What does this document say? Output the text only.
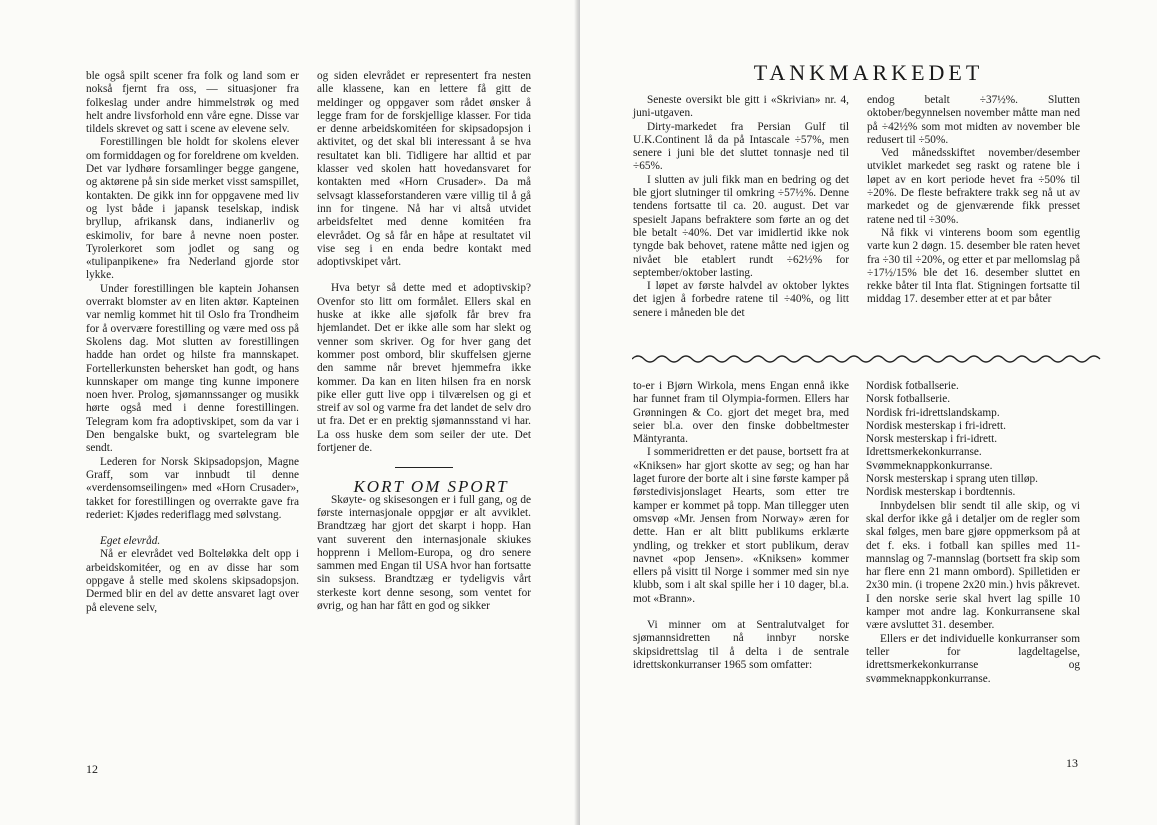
ble også spilt scener fra folk og land som er nokså fjernt fra oss, — situasjoner fra folkeslag under andre himmelstrøk og med helt andre livsforhold enn våre egne. Disse var tildels skrevet og satt i scene av elevene selv.

Forestillingen ble holdt for skolens elever om formiddagen og for foreldrene om kvelden. Det var lydhøre forsamlinger begge gangene, og aktørene på sin side merket visst samspillet, kontakten. De gikk inn for oppgavene med liv og lyst både i japansk teselskap, indisk bryllup, afrikansk dans, indianerliv og eskimoliv, for bare å nevne noen poster. Tyrolerkoret som jodlet og sang og «tulipanpikene» fra Nederland gjorde stor lykke.

Under forestillingen ble kaptein Johansen overrakt blomster av en liten aktør. Kapteinen var nemlig kommet hit til Oslo fra Trondheim for å overvære forestilling og være med oss på Skolens dag. Mot slutten av forestillingen hadde han ordet og hilste fra mannskapet. Fortellerkunsten behersket han godt, og hans kunnskaper om mange ting kunne imponere noen hver. Prolog, sjømannssanger og musikk hørte også med i denne forestillingen. Telegram kom fra adoptivskipet, som da var i Den bengalske bukt, og svartelegram ble sendt.

Lederen for Norsk Skipsadopsjon, Magne Graff, som var innbudt til denne «verdensomseilingen» med «Horn Crusader», takket for forestillingen og overrakte gave fra rederiet: Kjødes rederiflagg med sølvstang.

Eget elevråd.

Nå er elevrådet ved Bolteløkka delt opp i arbeidskomitéer, og en av disse har som oppgave å stelle med skolens skipsadopsjon. Dermed blir en del av dette ansvaret lagt over på elevene selv,

og siden elevrådet er representert fra nesten alle klassene, kan en lettere få gitt de meldinger og oppgaver som rådet ønsker å legge fram for de forskjellige klasser. For tida er denne arbeidskomitéen for skipsadopsjon i aktivitet, og det skal bli interessant å se hva resultatet kan bli. Tidligere har alltid et par klasser ved skolen hatt hovedansvaret for kontakten med «Horn Crusader». Da må selvsagt klasseforstanderen være villig til å gå inn for tingene. Nå har vi altså utvidet arbeidsfeltet med denne komitéen fra elevrådet. Og så får en håpe at resultatet vil vise seg i en enda bedre kontakt med adoptivskipet vårt.

Hva betyr så dette med et adoptivskip? Ovenfor sto litt om formålet. Ellers skal en huske at ikke alle sjøfolk får brev fra hjemlandet. Det er ikke alle som har slekt og venner som skriver. Og for hver gang det kommer post ombord, blir skuffelsen gjerne den samme når brevet hjemmefra ikke kommer. Da kan en liten hilsen fra en norsk pike eller gutt live opp i tilværelsen og gi et streif av sol og varme fra det landet de selv dro ut fra. Det er en prektig sjømannsstand vi har. La oss huske dem som seiler der ute. Det fortjener de.

KORT OM SPORT

Skøyte- og skisesongen er i full gang, og de første internasjonale oppgjør er alt avviklet. Brandtzæg har gjort det skarpt i hopp. Han vant suverent den internasjonale skiukes hopprenn i Mellom-Europa, og dro senere sammen med Engan til USA hvor han fortsatte sin suksess. Brandtzæg er tydeligvis vårt sterkeste kort denne sesong, som ventet for øvrig, og han har fått en god og sikker

12
TANKMARKEDET

Seneste oversikt ble gitt i «Skrivian» nr. 4, juni-utgaven.

Dirty-markedet fra Persian Gulf til U.K.Continent lå da på Intascale ÷57%, men senere i juni ble det sluttet tonnasje ned til ÷65%.

I slutten av juli fikk man en bedring og det ble gjort slutninger til omkring ÷57½%. Denne tendens fortsatte til ca. 20. august. Det var spesielt Japans befraktere som førte an og det ble betalt ÷40%. Det var imidlertid ikke nok tyngde bak behovet, ratene måtte ned igjen og nivået ble etablert rundt ÷62½% for september/oktober lasting.

I løpet av første halvdel av oktober lyktes det igjen å forbedre ratene til ÷40%, og litt senere i måneden ble det

endog betalt ÷37½%. Slutten oktober/begynnelsen november måtte man ned på ÷42½% som mot midten av november ble redusert til ÷50%.

Ved månedsskiftet november/desember utviklet markedet seg raskt og ratene ble i løpet av en kort periode hevet fra ÷50% til ÷20%. De fleste befraktere trakk seg nå ut av markedet og de gjenværende fikk presset ratene ned til ÷30%.

Nå fikk vi vinterens boom som egentlig varte kun 2 døgn. 15. desember ble raten hevet fra ÷30 til ÷20%, og etter et par mellomslag på ÷17½/15% ble det 16. desember sluttet en rekke båter til Inta flat. Stigningen fortsatte til middag 17. desember etter at et par båter

to-er i Bjørn Wirkola, mens Engan ennå ikke har funnet fram til Olympia-formen. Ellers har Grønningen & Co. gjort det meget bra, med seier bl.a. over den finske dobbeltmester Mäntyranta.

I sommeridretten er det pause, bortsett fra at «Kniksen» har gjort skotte av seg; og han har laget furore der borte alt i sine første kamper på førstedivisjonslaget Hearts, som etter tre kamper er kommet på topp. Man tillegger uten omsvøp «Mr. Jensen from Norway» æren for dette. Han er alt blitt publikums erklærte yndling, og trekker et stort publikum, derav navnet «pop Jensen». «Kniksen» kommer ellers på visitt til Norge i sommer med sin nye klubb, som i alt skal spille her i 10 dager, bl.a. mot «Brann».

Vi minner om at Sentralutvalget for sjømannsidretten nå innbyr norske skipsidrettslag til å delta i de sentrale idrettskonkurranser 1965 som omfatter:

Nordisk fotballserie.
Norsk fotballserie.
Nordisk fri-idrettslandskamp.
Nordisk mesterskap i fri-idrett.
Norsk mesterskap i fri-idrett.
Idrettsmerkekonkurranse.
Svømmeknappkonkurranse.
Norsk mesterskap i sprang uten tilløp.
Nordisk mesterskap i bordtennis.

Innbydelsen blir sendt til alle skip, og vi skal derfor ikke gå i detaljer om de regler som skal følges, men bare gjøre oppmerksom på at det f. eks. i fotball kan spilles med 11-mannslag og 7-mannslag (bortsett fra skip som har flere enn 21 mann ombord). Spilletiden er 2x30 min. (i tropene 2x20 min.) hvis påkrevet. I den norske serie skal hvert lag spille 10 kamper mot andre lag. Konkurransene skal være avsluttet 31. desember.

Ellers er det individuelle konkurranser som teller for lagdeltagelse, idrettsmerkekonkurranse og svømmeknappkonkurranse.

13
